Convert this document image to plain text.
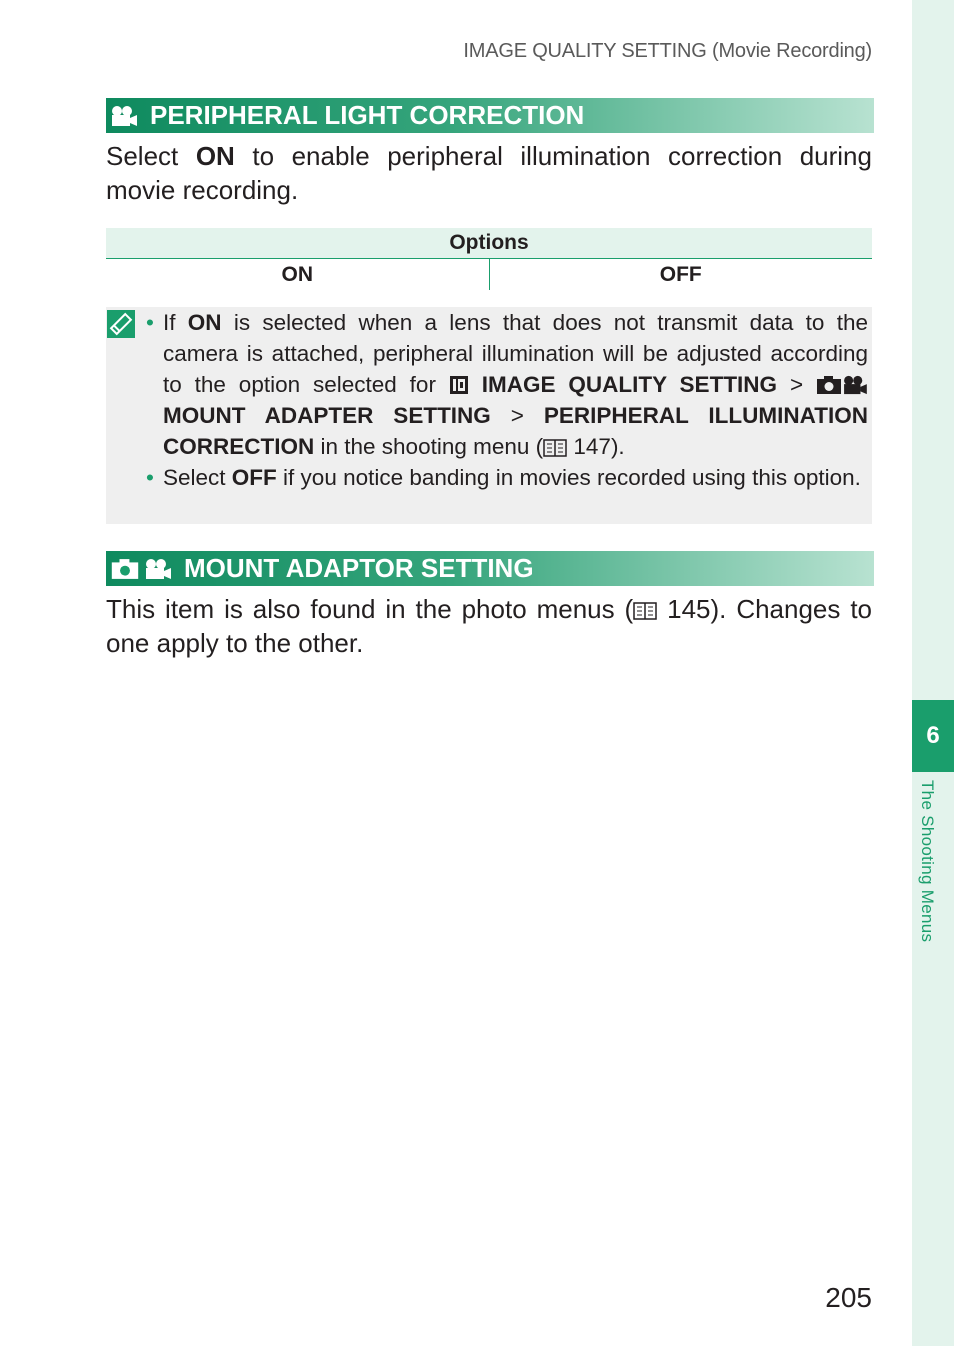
6
The Shooting Menus
IMAGE QUALITY SETTING (Movie Recording)
PERIPHERAL LIGHT CORRECTION
Select ON to enable peripheral illumination correction during movie recording.
Options
ON	OFF
• If ON is selected when a lens that does not transmit data to the camera is attached, peripheral illumination will be adjusted according to the option selected for  IMAGE QUALITY SETTING >  MOUNT ADAPTER SETTING > PERIPHERAL ILLUMINATION CORRECTION in the shooting menu ( 147).
• Select OFF if you notice banding in movies recorded using this option.
MOUNT ADAPTOR SETTING
This item is also found in the photo menus ( 145). Changes to one apply to the other.
205
